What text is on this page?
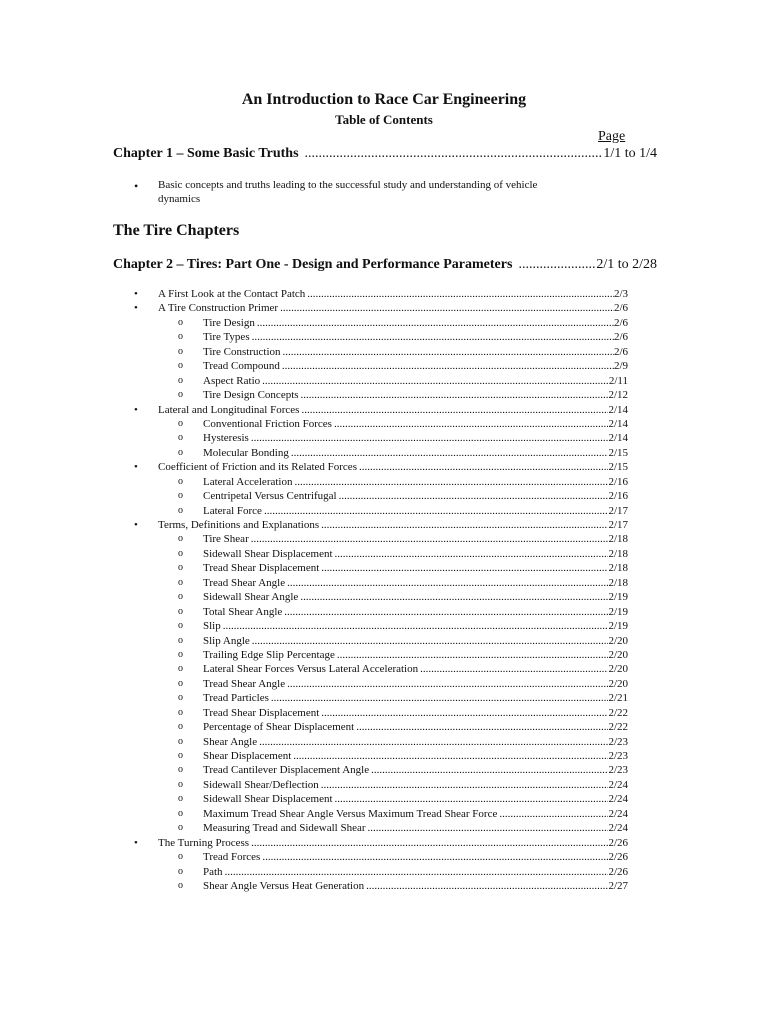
An Introduction to Race Car Engineering
Table of Contents
Page
Chapter 1 – Some Basic Truths .....	1/1 to 1/4
• Basic concepts and truths leading to the successful study and understanding of vehicle dynamics
The Tire Chapters
Chapter 2 – Tires: Part One - Design and Performance Parameters .....	2/1 to 2/28
• A First Look at the Contact Patch .....	2/3
• A Tire Construction Primer .....	2/6
o Tire Design .....	2/6
o Tire Types .....	2/6
o Tire Construction .....	2/6
o Tread Compound .....	2/9
o Aspect Ratio .....	2/11
o Tire Design Concepts .....	2/12
• Lateral and Longitudinal Forces .....	2/14
o Conventional Friction Forces .....	2/14
o Hysteresis .....	2/14
o Molecular Bonding .....	2/15
• Coefficient of Friction and its Related Forces .....	2/15
o Lateral Acceleration .....	2/16
o Centripetal Versus Centrifugal .....	2/16
o Lateral Force .....	2/17
• Terms, Definitions and Explanations .....	2/17
o Tire Shear .....	2/18
o Sidewall Shear Displacement .....	2/18
o Tread Shear Displacement .....	2/18
o Tread Shear Angle .....	2/18
o Sidewall Shear Angle .....	2/19
o Total Shear Angle .....	2/19
o Slip .....	2/19
o Slip Angle .....	2/20
o Trailing Edge Slip Percentage .....	2/20
o Lateral Shear Forces Versus Lateral Acceleration .....	2/20
o Tread Shear Angle .....	2/20
o Tread Particles .....	2/21
o Tread Shear Displacement .....	2/22
o Percentage of Shear Displacement .....	2/22
o Shear Angle .....	2/23
o Shear Displacement .....	2/23
o Tread Cantilever Displacement Angle .....	2/23
o Sidewall Shear/Deflection .....	2/24
o Sidewall Shear Displacement .....	2/24
o Maximum Tread Shear Angle Versus Maximum Tread Shear Force .....	2/24
o Measuring Tread and Sidewall Shear .....	2/24
• The Turning Process .....	2/26
o Tread Forces .....	2/26
o Path .....	2/26
o Shear Angle Versus Heat Generation .....	2/27
